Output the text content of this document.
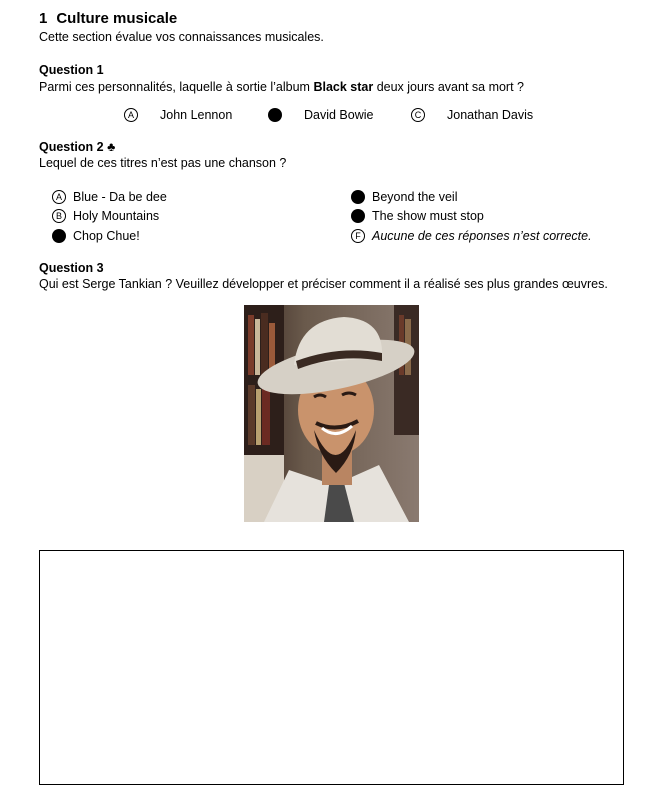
1 Culture musicale
Cette section évalue vos connaissances musicales.
Question 1
Parmi ces personnalités, laquelle à sortie l’album Black star deux jours avant sa mort ?
A	John Lennon	David Bowie	C	Jonathan Davis
Question 2 ♣
Lequel de ces titres n’est pas une chanson ?
A Blue - Da be dee
B Holy Mountains
Chop Chue!
Beyond the veil
The show must stop
F Aucune de ces réponses n’est correcte.
Question 3
Qui est Serge Tankian ? Veuillez développer et préciser comment il a réalisé ses plus grandes œuvres.
